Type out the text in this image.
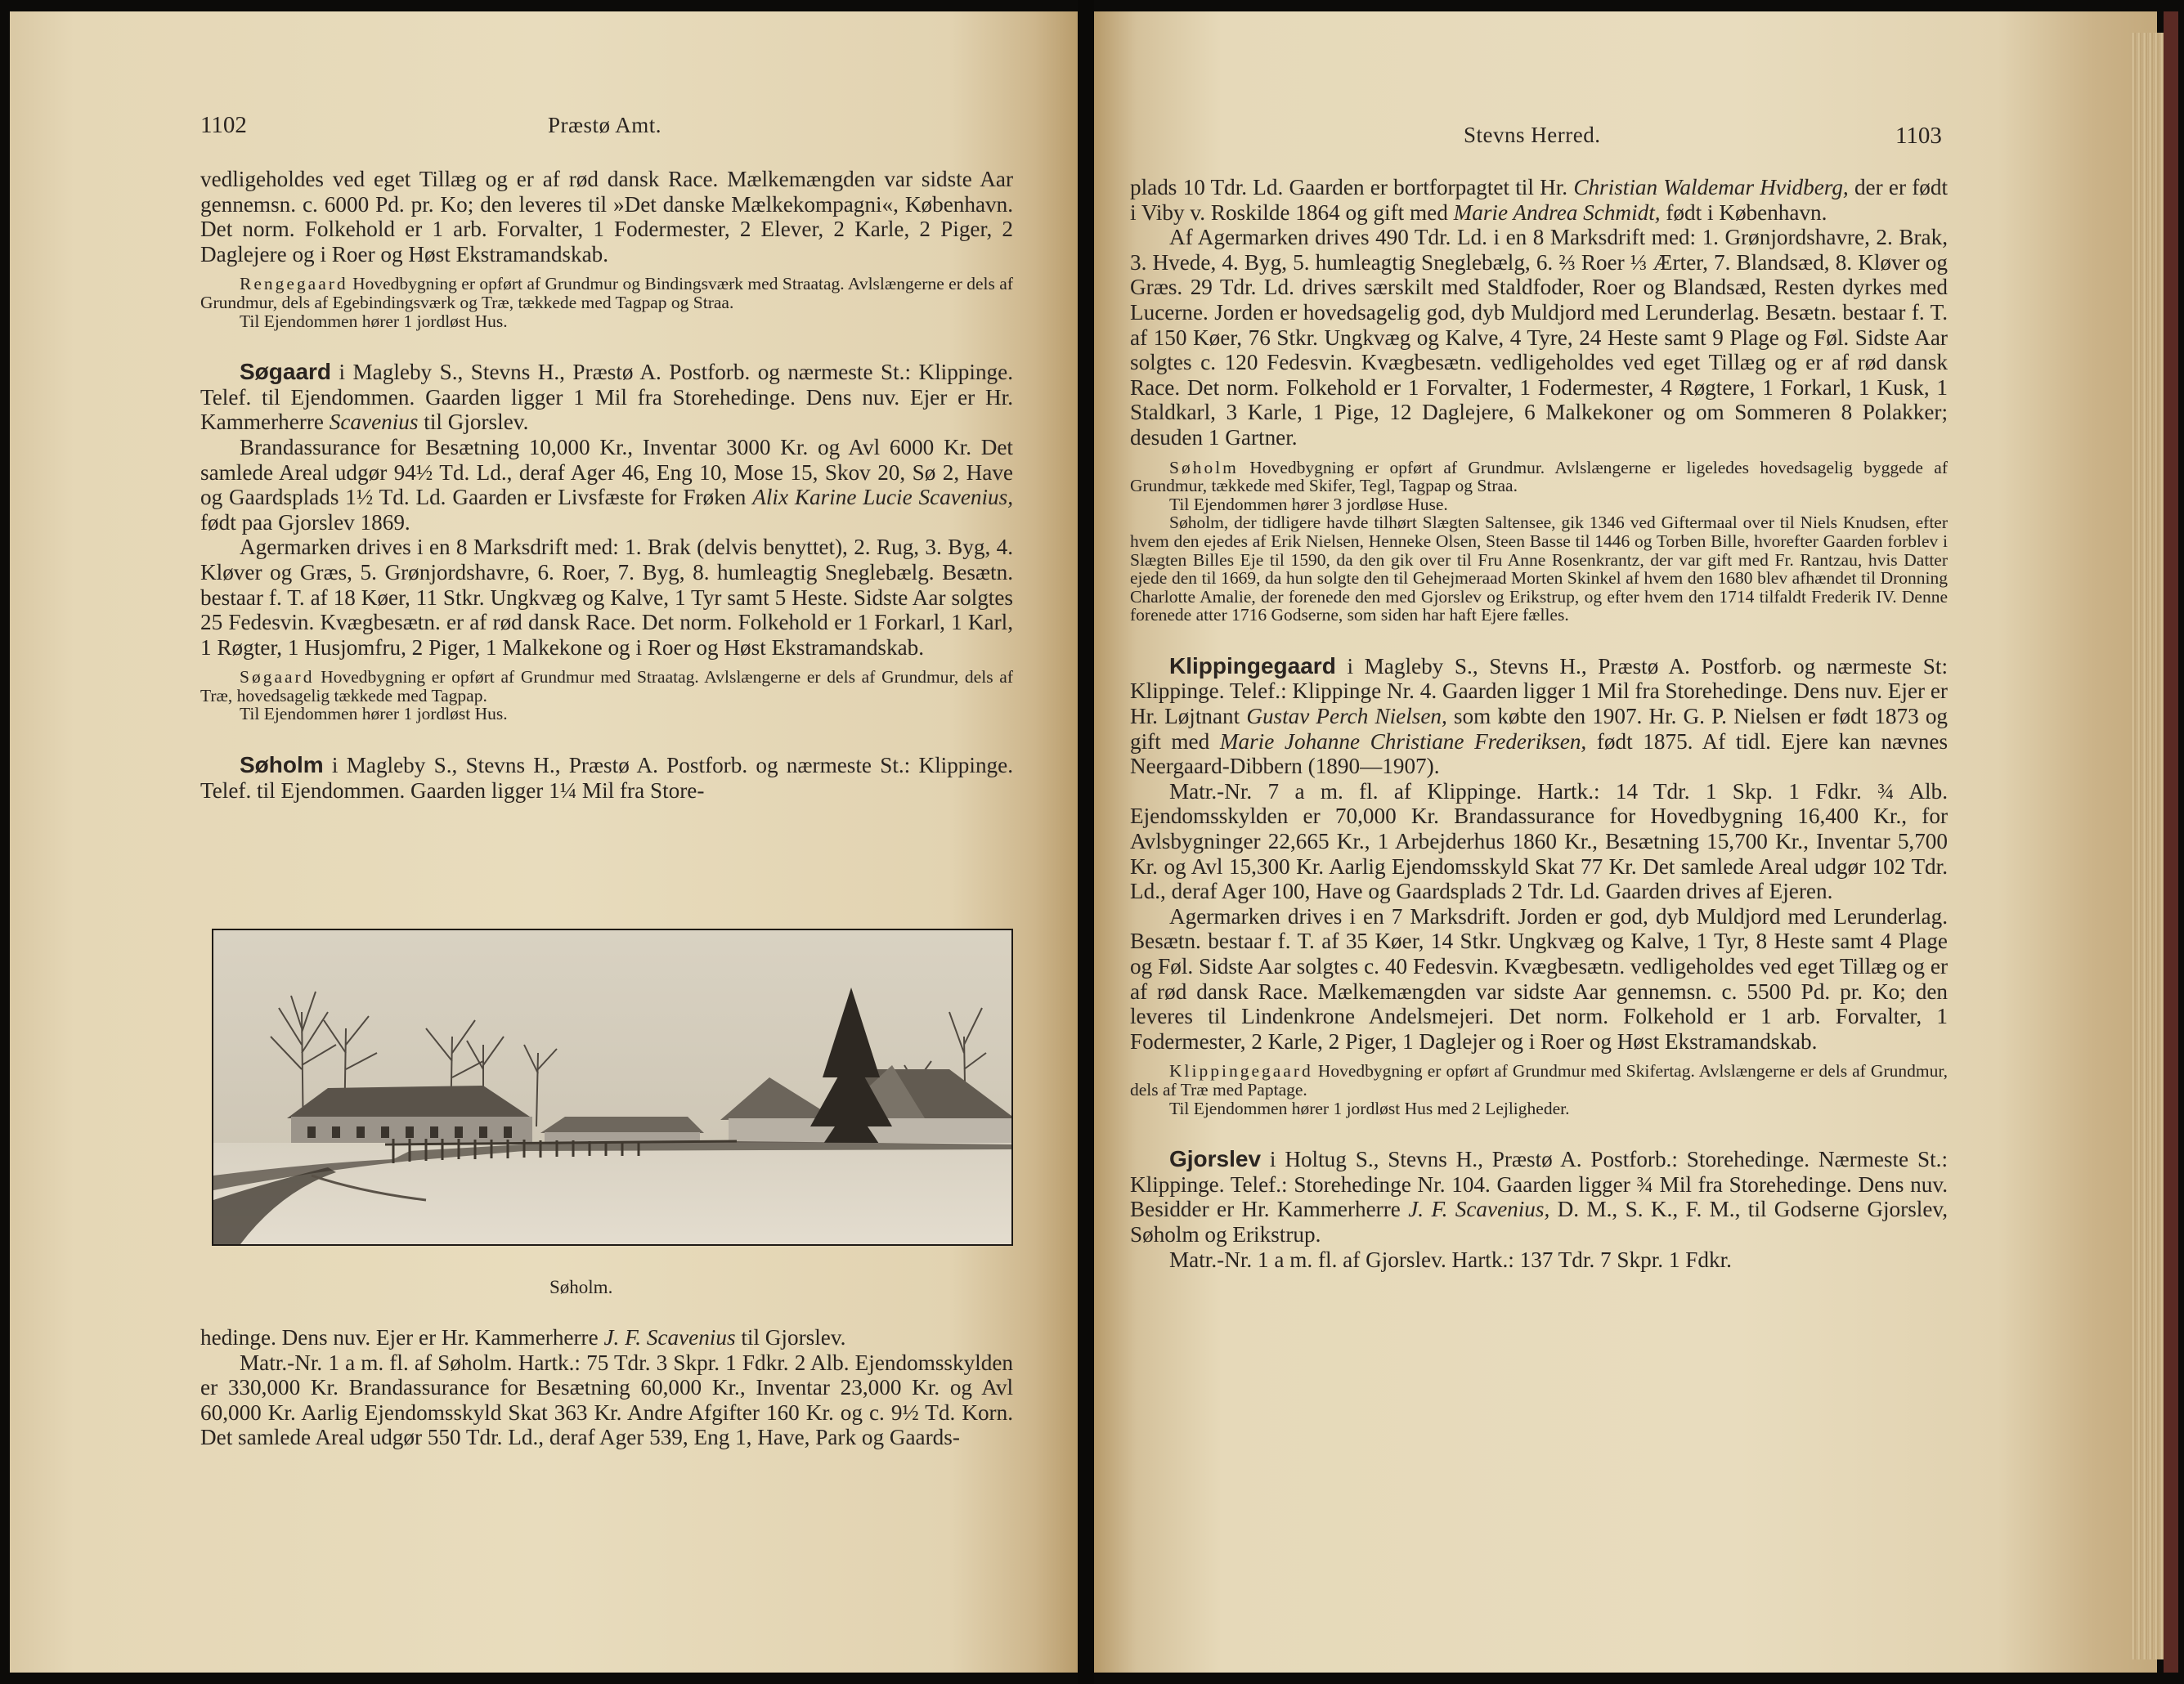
1102	Præstø Amt.

vedligeholdes ved eget Tillæg og er af rød dansk Race. Mælkemængden var sidste Aar gennemsn. c. 6000 Pd. pr. Ko; den leveres til »Det danske Mælkekompagni«, København. Det norm. Folkehold er 1 arb. Forvalter, 1 Fodermester, 2 Elever, 2 Karle, 2 Piger, 2 Daglejere og i Roer og Høst Ekstramandskab.

Rengegaard Hovedbygning er opført af Grundmur og Bindingsværk med Straatag. Avlslængerne er dels af Grundmur, dels af Egebindingsværk og Træ, tækkede med Tagpap og Straa.

Til Ejendommen hører 1 jordløst Hus.

Søgaard i Magleby S., Stevns H., Præstø A. Postforb. og nærmeste St.: Klippinge. Telef. til Ejendommen. Gaarden ligger 1 Mil fra Storehedinge. Dens nuv. Ejer er Hr. Kammerherre Scavenius til Gjorslev.

Brandassurance for Besætning 10,000 Kr., Inventar 3000 Kr. og Avl 6000 Kr. Det samlede Areal udgør 94½ Td. Ld., deraf Ager 46, Eng 10, Mose 15, Skov 20, Sø 2, Have og Gaardsplads 1½ Td. Ld. Gaarden er Livsfæste for Frøken Alix Karine Lucie Scavenius, født paa Gjorslev 1869.

Agermarken drives i en 8 Marksdrift med: 1. Brak (delvis benyttet), 2. Rug, 3. Byg, 4. Kløver og Græs, 5. Grønjordshavre, 6. Roer, 7. Byg, 8. humleagtig Sneglebælg. Besætn. bestaar f. T. af 18 Køer, 11 Stkr. Ungkvæg og Kalve, 1 Tyr samt 5 Heste. Sidste Aar solgtes 25 Fedesvin. Kvægbesætn. er af rød dansk Race. Det norm. Folkehold er 1 Forkarl, 1 Karl, 1 Røgter, 1 Husjomfru, 2 Piger, 1 Malkekone og i Roer og Høst Ekstramandskab.

Søgaard Hovedbygning er opført af Grundmur med Straatag. Avlslængerne er dels af Grundmur, dels af Træ, hovedsagelig tækkede med Tagpap.

Til Ejendommen hører 1 jordløst Hus.

Søholm i Magleby S., Stevns H., Præstø A. Postforb. og nærmeste St.: Klippinge. Telef. til Ejendommen. Gaarden ligger 1¼ Mil fra Store-

Søholm.

hedinge. Dens nuv. Ejer er Hr. Kammerherre J. F. Scavenius til Gjorslev.

Matr.-Nr. 1 a m. fl. af Søholm. Hartk.: 75 Tdr. 3 Skpr. 1 Fdkr. 2 Alb. Ejendomsskylden er 330,000 Kr. Brandassurance for Besætning 60,000 Kr., Inventar 23,000 Kr. og Avl 60,000 Kr. Aarlig Ejendomsskyld Skat 363 Kr. Andre Afgifter 160 Kr. og c. 9½ Td. Korn. Det samlede Areal udgør 550 Tdr. Ld., deraf Ager 539, Eng 1, Have, Park og Gaards-

Stevns Herred.	1103

plads 10 Tdr. Ld. Gaarden er bortforpagtet til Hr. Christian Waldemar Hvidberg, der er født i Viby v. Roskilde 1864 og gift med Marie Andrea Schmidt, født i København.

Af Agermarken drives 490 Tdr. Ld. i en 8 Marksdrift med: 1. Grønjordshavre, 2. Brak, 3. Hvede, 4. Byg, 5. humleagtig Sneglebælg, 6. ⅔ Roer ⅓ Ærter, 7. Blandsæd, 8. Kløver og Græs. 29 Tdr. Ld. drives særskilt med Staldfoder, Roer og Blandsæd, Resten dyrkes med Lucerne. Jorden er hovedsagelig god, dyb Muldjord med Lerunderlag. Besætn. bestaar f. T. af 150 Køer, 76 Stkr. Ungkvæg og Kalve, 4 Tyre, 24 Heste samt 9 Plage og Føl. Sidste Aar solgtes c. 120 Fedesvin. Kvægbesætn. vedligeholdes ved eget Tillæg og er af rød dansk Race. Det norm. Folkehold er 1 Forvalter, 1 Fodermester, 4 Røgtere, 1 Forkarl, 1 Kusk, 1 Staldkarl, 3 Karle, 1 Pige, 12 Daglejere, 6 Malkekoner og om Sommeren 8 Polakker; desuden 1 Gartner.

Søholm Hovedbygning er opført af Grundmur. Avlslængerne er ligeledes hovedsagelig byggede af Grundmur, tækkede med Skifer, Tegl, Tagpap og Straa.

Til Ejendommen hører 3 jordløse Huse.

Søholm, der tidligere havde tilhørt Slægten Saltensee, gik 1346 ved Giftermaal over til Niels Knudsen, efter hvem den ejedes af Erik Nielsen, Henneke Olsen, Steen Basse til 1446 og Torben Bille, hvorefter Gaarden forblev i Slægten Billes Eje til 1590, da den gik over til Fru Anne Rosenkrantz, der var gift med Fr. Rantzau, hvis Datter ejede den til 1669, da hun solgte den til Gehejmeraad Morten Skinkel af hvem den 1680 blev afhændet til Dronning Charlotte Amalie, der forenede den med Gjorslev og Erikstrup, og efter hvem den 1714 tilfaldt Frederik IV. Denne forenede atter 1716 Godserne, som siden har haft Ejere fælles.

Klippingegaard i Magleby S., Stevns H., Præstø A. Postforb. og nærmeste St: Klippinge. Telef.: Klippinge Nr. 4. Gaarden ligger 1 Mil fra Storehedinge. Dens nuv. Ejer er Hr. Løjtnant Gustav Perch Nielsen, som købte den 1907. Hr. G. P. Nielsen er født 1873 og gift med Marie Johanne Christiane Frederiksen, født 1875. Af tidl. Ejere kan nævnes Neergaard-Dibbern (1890—1907).

Matr.-Nr. 7 a m. fl. af Klippinge. Hartk.: 14 Tdr. 1 Skp. 1 Fdkr. ¾ Alb. Ejendomsskylden er 70,000 Kr. Brandassurance for Hovedbygning 16,400 Kr., for Avlsbygninger 22,665 Kr., 1 Arbejderhus 1860 Kr., Besætning 15,700 Kr., Inventar 5,700 Kr. og Avl 15,300 Kr. Aarlig Ejendomsskyld Skat 77 Kr. Det samlede Areal udgør 102 Tdr. Ld., deraf Ager 100, Have og Gaardsplads 2 Tdr. Ld. Gaarden drives af Ejeren.

Agermarken drives i en 7 Marksdrift. Jorden er god, dyb Muldjord med Lerunderlag. Besætn. bestaar f. T. af 35 Køer, 14 Stkr. Ungkvæg og Kalve, 1 Tyr, 8 Heste samt 4 Plage og Føl. Sidste Aar solgtes c. 40 Fedesvin. Kvægbesætn. vedligeholdes ved eget Tillæg og er af rød dansk Race. Mælkemængden var sidste Aar gennemsn. c. 5500 Pd. pr. Ko; den leveres til Lindenkrone Andelsmejeri. Det norm. Folkehold er 1 arb. Forvalter, 1 Fodermester, 2 Karle, 2 Piger, 1 Daglejer og i Roer og Høst Ekstramandskab.

Klippingegaard Hovedbygning er opført af Grundmur med Skifertag. Avlslængerne er dels af Grundmur, dels af Træ med Paptage.

Til Ejendommen hører 1 jordløst Hus med 2 Lejligheder.

Gjorslev i Holtug S., Stevns H., Præstø A. Postforb.: Storehedinge. Nærmeste St.: Klippinge. Telef.: Storehedinge Nr. 104. Gaarden ligger ¾ Mil fra Storehedinge. Dens nuv. Besidder er Hr. Kammerherre J. F. Scavenius, D. M., S. K., F. M., til Godserne Gjorslev, Søholm og Erikstrup.

Matr.-Nr. 1 a m. fl. af Gjorslev. Hartk.: 137 Tdr. 7 Skpr. 1 Fdkr.
